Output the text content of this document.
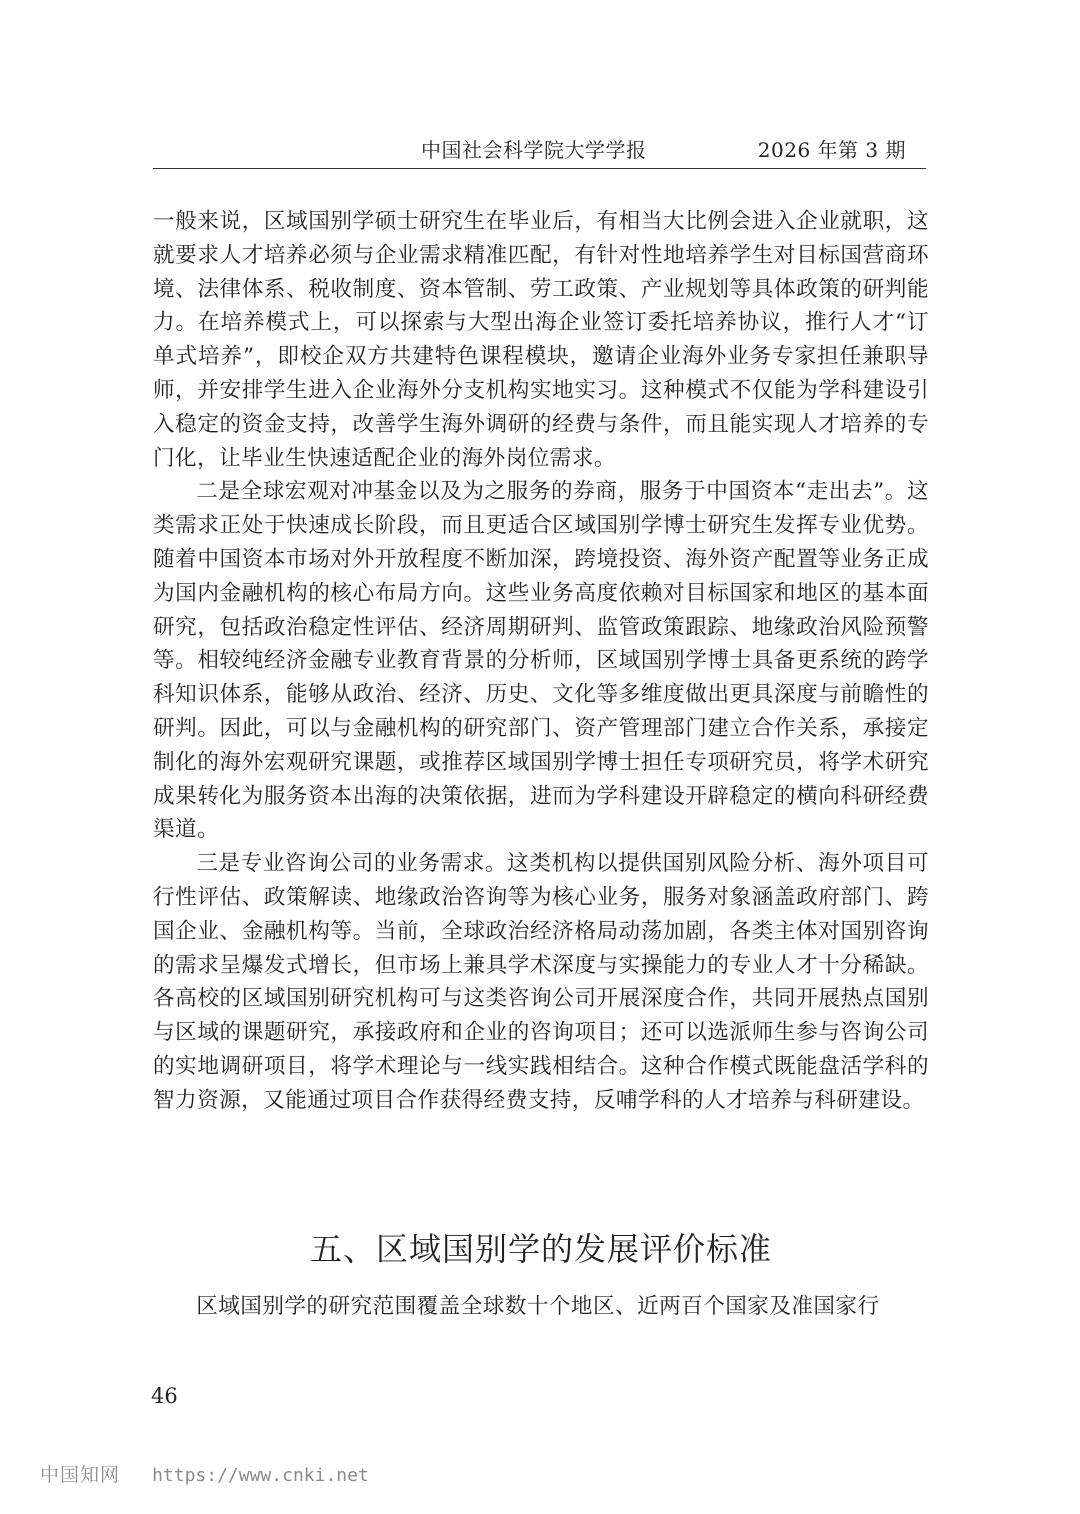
中国社会科学院大学学报	2026 年第 3 期

一般来说，区域国别学硕士研究生在毕业后，有相当大比例会进入企业就职，这就要求人才培养必须与企业需求精准匹配，有针对性地培养学生对目标国营商环境、法律体系、税收制度、资本管制、劳工政策、产业规划等具体政策的研判能力。在培养模式上，可以探索与大型出海企业签订委托培养协议，推行人才“订单式培养”，即校企双方共建特色课程模块，邀请企业海外业务专家担任兼职导师，并安排学生进入企业海外分支机构实地实习。这种模式不仅能为学科建设引入稳定的资金支持，改善学生海外调研的经费与条件，而且能实现人才培养的专门化，让毕业生快速适配企业的海外岗位需求。

二是全球宏观对冲基金以及为之服务的券商，服务于中国资本“走出去”。这类需求正处于快速成长阶段，而且更适合区域国别学博士研究生发挥专业优势。随着中国资本市场对外开放程度不断加深，跨境投资、海外资产配置等业务正成为国内金融机构的核心布局方向。这些业务高度依赖对目标国家和地区的基本面研究，包括政治稳定性评估、经济周期研判、监管政策跟踪、地缘政治风险预警等。相较纯经济金融专业教育背景的分析师，区域国别学博士具备更系统的跨学科知识体系，能够从政治、经济、历史、文化等多维度做出更具深度与前瞻性的研判。因此，可以与金融机构的研究部门、资产管理部门建立合作关系，承接定制化的海外宏观研究课题，或推荐区域国别学博士担任专项研究员，将学术研究成果转化为服务资本出海的决策依据，进而为学科建设开辟稳定的横向科研经费渠道。

三是专业咨询公司的业务需求。这类机构以提供国别风险分析、海外项目可行性评估、政策解读、地缘政治咨询等为核心业务，服务对象涵盖政府部门、跨国企业、金融机构等。当前，全球政治经济格局动荡加剧，各类主体对国别咨询的需求呈爆发式增长，但市场上兼具学术深度与实操能力的专业人才十分稀缺。各高校的区域国别研究机构可与这类咨询公司开展深度合作，共同开展热点国别与区域的课题研究，承接政府和企业的咨询项目；还可以选派师生参与咨询公司的实地调研项目，将学术理论与一线实践相结合。这种合作模式既能盘活学科的智力资源，又能通过项目合作获得经费支持，反哺学科的人才培养与科研建设。

五、区域国别学的发展评价标准

区域国别学的研究范围覆盖全球数十个地区、近两百个国家及准国家行

46
中国知网 https://www.cnki.net
